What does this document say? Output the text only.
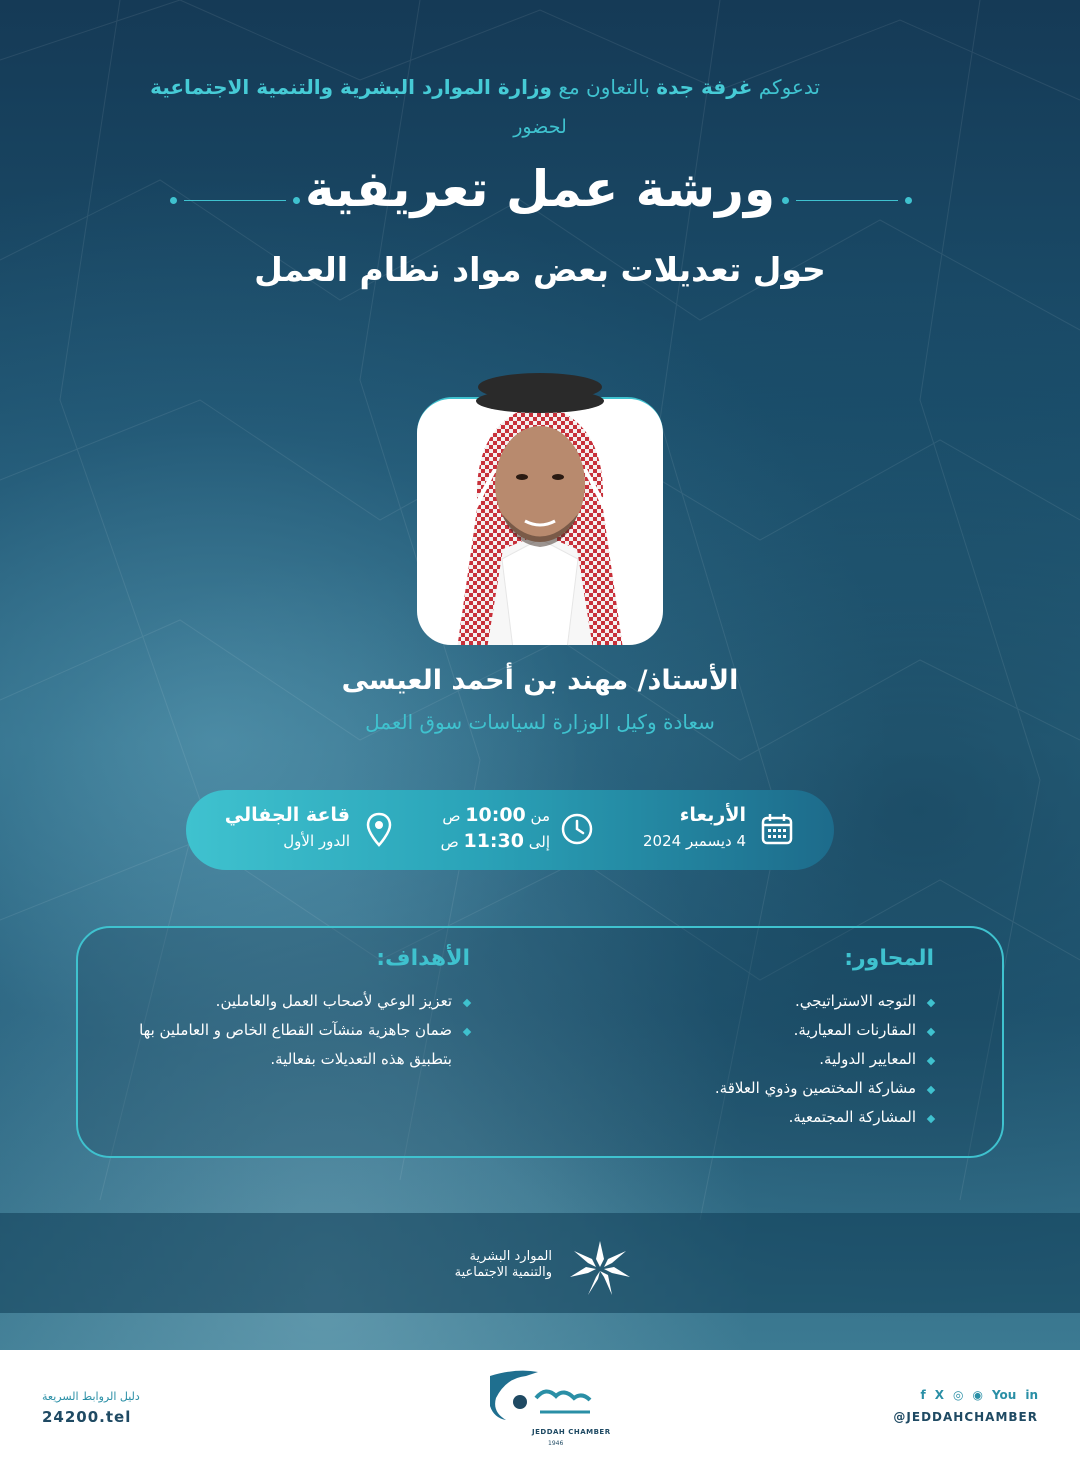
تدعوكم غرفة جدة بالتعاون مع وزارة الموارد البشرية والتنمية الاجتماعية
لحضور
ورشة عمل تعريفية
حول تعديلات بعض مواد نظام العمل
الأستاذ/ مهند بن أحمد العيسى
سعادة وكيل الوزارة لسياسات سوق العمل
الأربعاء
4 ديسمبر 2024
من 10:00 ص
إلى 11:30 ص
قاعة الجفالي
الدور الأول
المحاور:
التوجه الاستراتيجي.
المقارنات المعيارية.
المعايير الدولية.
مشاركة المختصين وذوي العلاقة.
المشاركة المجتمعية.
الأهداف:
تعزيز الوعي لأصحاب العمل والعاملين.
ضمان جاهزية منشآت القطاع الخاص و العاملين بها
بتطبيق هذه التعديلات بفعالية.
الموارد البشرية
والتنمية الاجتماعية
دليل الروابط السريعة
24200.tel
JEDDAH CHAMBER
1946
f X ◎ ◉ You in
@JEDDAHCHAMBER
